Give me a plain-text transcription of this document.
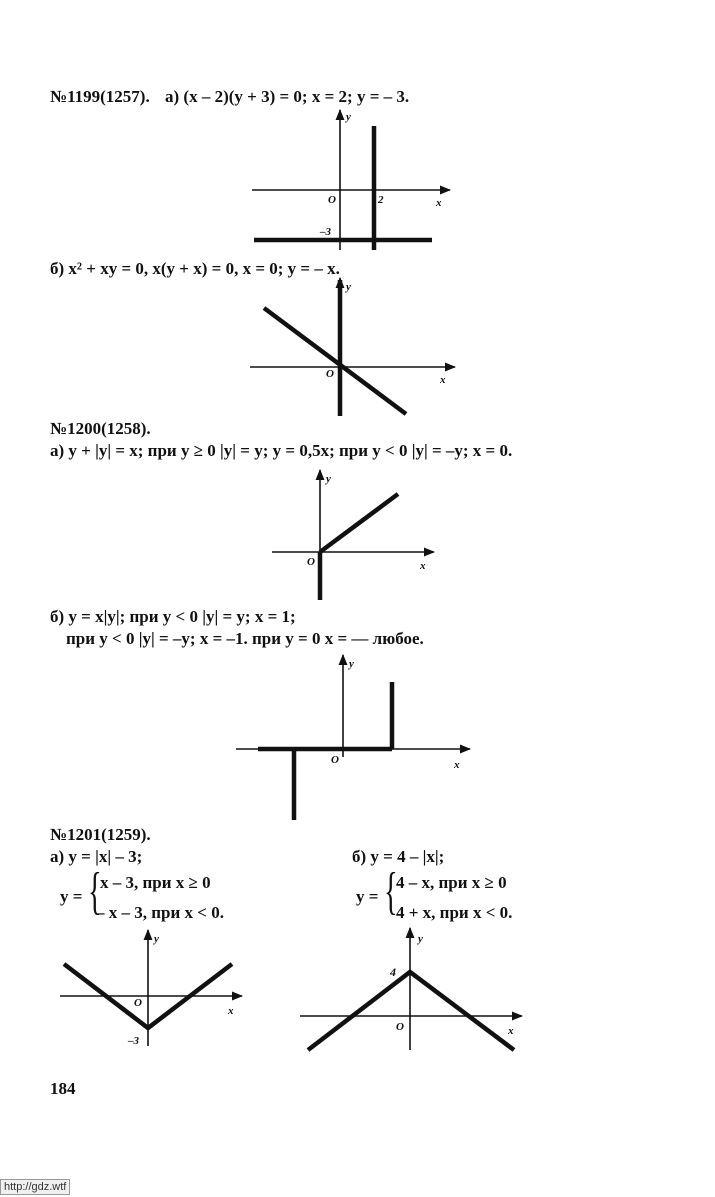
№1199(1257). а) (x – 2)(y + 3) = 0; x = 2; y = – 3.
б) x² + xy = 0, x(y + x) = 0, x = 0; y = – x.
№1200(1258).
а) y + |y| = x; при y ≥ 0 |y| = y; y = 0,5x; при y < 0 |y| = –y; x = 0.
б) y = x|y|; при y < 0 |y| = y; x = 1;
при y < 0 |y| = –y; x = –1. при y = 0 x = — любое.
№1201(1259).
а) y = |x| – 3;
y = {
x – 3, при x ≥ 0
– x – 3, при x < 0.
б) y = 4 – |x|;
y = {
4 – x, при x ≥ 0
4 + x, при x < 0.
184
y
x
O	2
–3
y
x
O
y
x
O
y
x
O
y
x
O
–3
y
x
O
4
http://gdz.wtf
